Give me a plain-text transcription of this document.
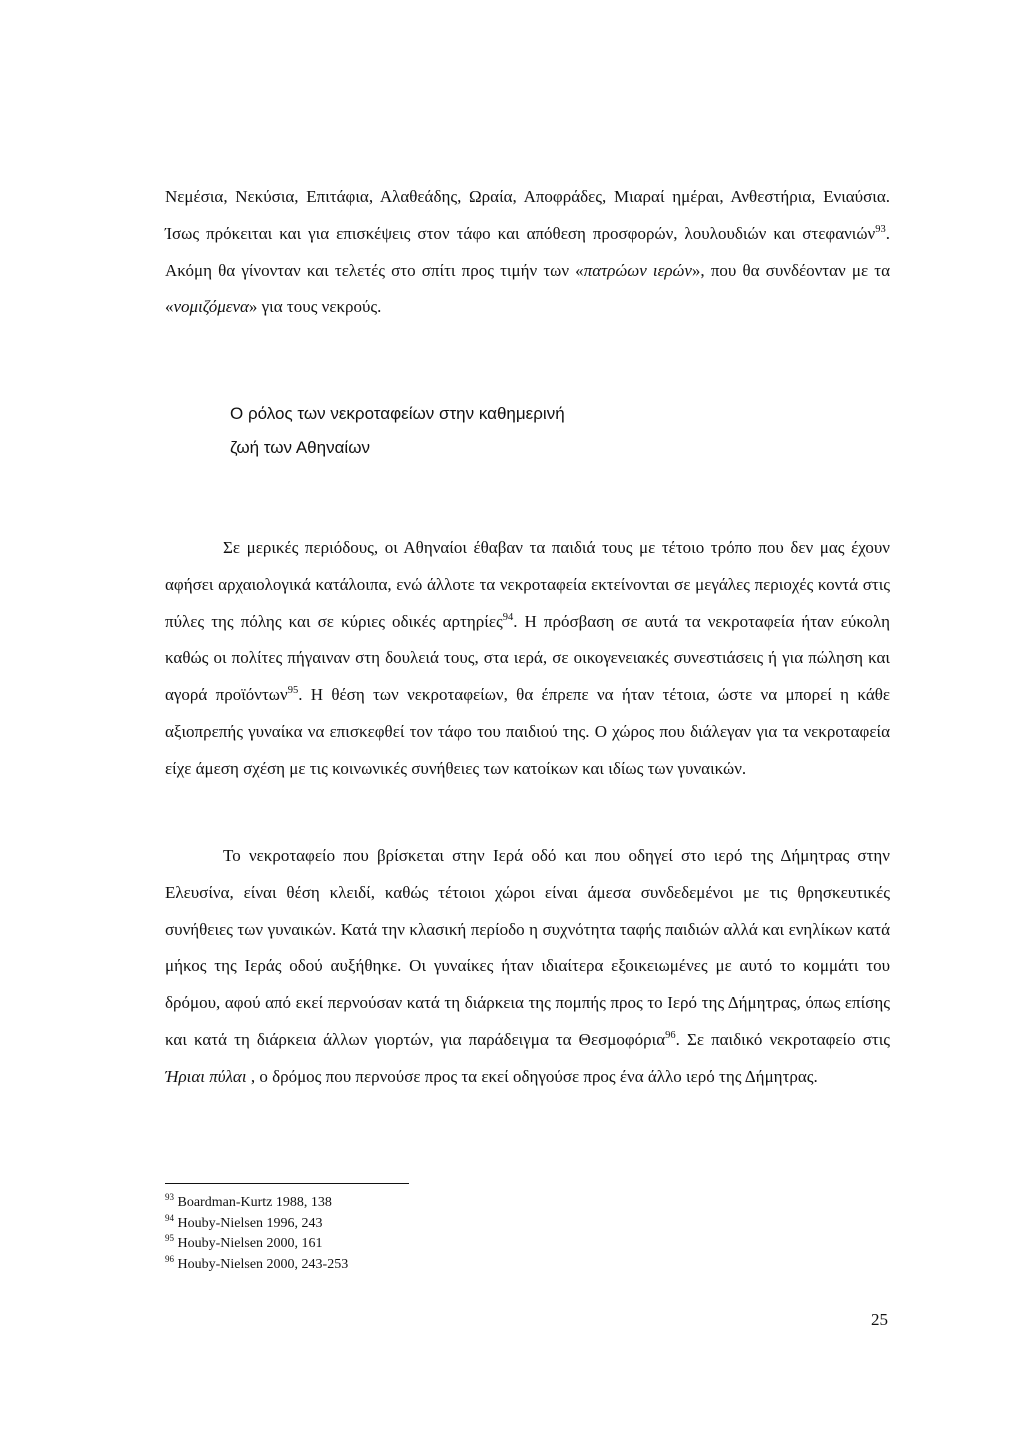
Νεμέσια, Νεκύσια, Επιτάφια, Αλαθεάδης, Ωραία, Αποφράδες, Μιαραί ημέραι, Ανθεστήρια, Ενιαύσια. Ίσως πρόκειται και για επισκέψεις στον τάφο και απόθεση προσφορών, λουλουδιών και στεφανιών$^{93}$. Ακόμη θα γίνονταν και τελετές στο σπίτι προς τιμήν των «πατρώων ιερών», που θα συνδέονταν με τα «νομιζόμενα» για τους νεκρούς.

Ο ρόλος των νεκροταφείων στην καθημερινή
ζωή των Αθηναίων

Σε μερικές περιόδους, οι Αθηναίοι έθαβαν τα παιδιά τους με τέτοιο τρόπο που δεν μας έχουν αφήσει αρχαιολογικά κατάλοιπα, ενώ άλλοτε τα νεκροταφεία εκτείνονται σε μεγάλες περιοχές κοντά στις πύλες της πόλης και σε κύριες οδικές αρτηρίες$^{94}$. Η πρόσβαση σε αυτά τα νεκροταφεία ήταν εύκολη καθώς οι πολίτες πήγαιναν στη δουλειά τους, στα ιερά, σε οικογενειακές συνεστιάσεις ή για πώληση και αγορά προϊόντων$^{95}$. Η θέση των νεκροταφείων, θα έπρεπε να ήταν τέτοια, ώστε να μπορεί η κάθε αξιοπρεπής γυναίκα να επισκεφθεί τον τάφο του παιδιού της. Ο χώρος που διάλεγαν για τα νεκροταφεία είχε άμεση σχέση με τις κοινωνικές συνήθειες των κατοίκων και ιδίως των γυναικών.

Το νεκροταφείο που βρίσκεται στην Ιερά οδό και που οδηγεί στο ιερό της Δήμητρας στην Ελευσίνα, είναι θέση κλειδί, καθώς τέτοιοι χώροι είναι άμεσα συνδεδεμένοι με τις θρησκευτικές συνήθειες των γυναικών. Κατά την κλασική περίοδο η συχνότητα ταφής παιδιών αλλά και ενηλίκων κατά μήκος της Ιεράς οδού αυξήθηκε. Οι γυναίκες ήταν ιδιαίτερα εξοικειωμένες με αυτό το κομμάτι του δρόμου, αφού από εκεί περνούσαν κατά τη διάρκεια της πομπής προς το Ιερό της Δήμητρας, όπως επίσης και κατά τη διάρκεια άλλων γιορτών, για παράδειγμα τα Θεσμοφόρια$^{96}$. Σε παιδικό νεκροταφείο στις Ήριαι πύλαι , ο δρόμος που περνούσε προς τα εκεί οδηγούσε προς ένα άλλο ιερό της Δήμητρας.

$^{93}$ Boardman-Kurtz 1988, 138
$^{94}$ Houby-Nielsen 1996, 243
$^{95}$ Houby-Nielsen 2000, 161
$^{96}$ Houby-Nielsen 2000, 243-253
25
